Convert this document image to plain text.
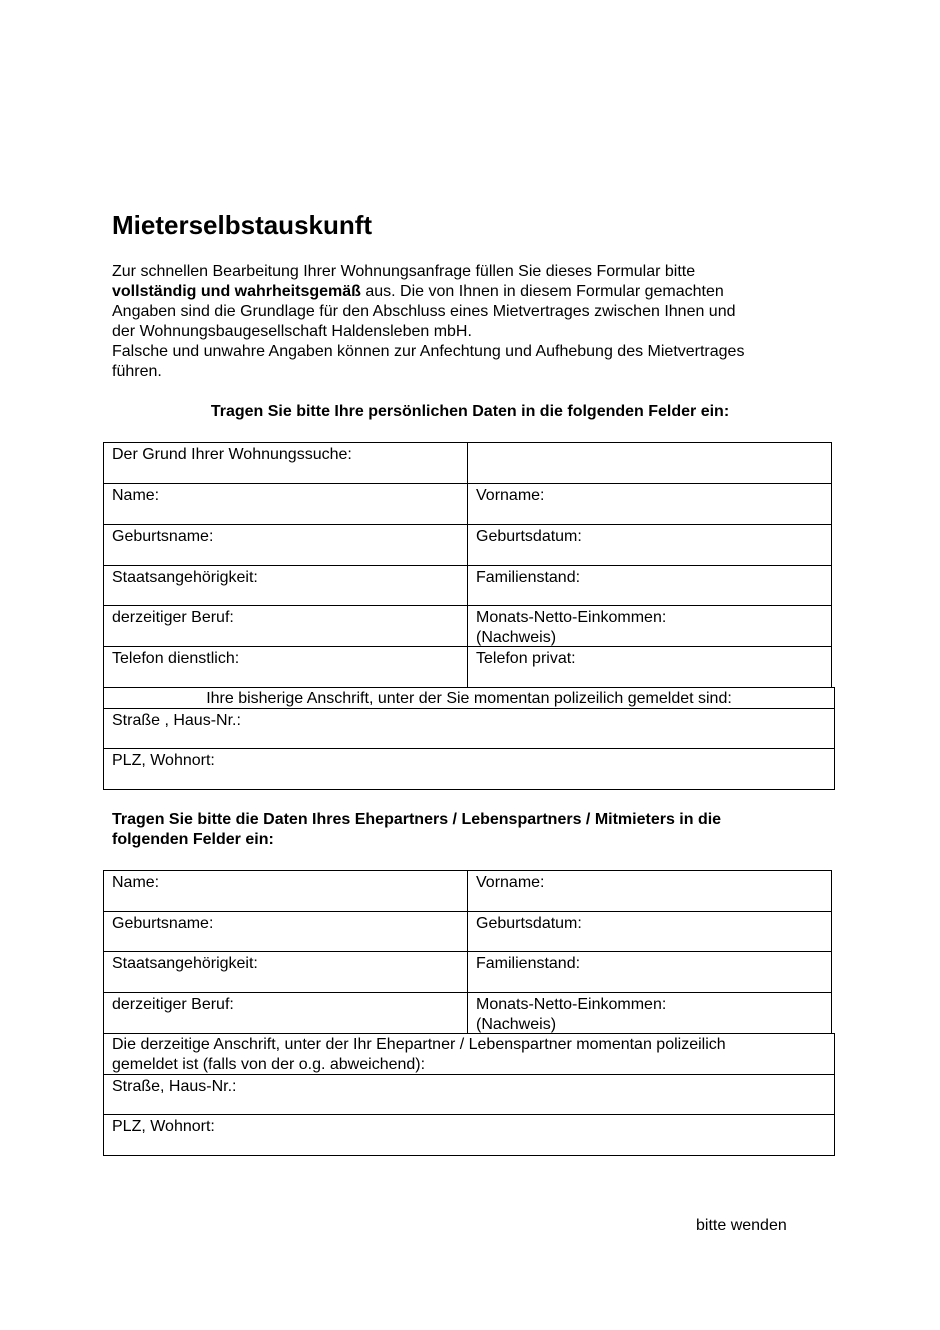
Mieterselbstauskunft
Zur schnellen Bearbeitung Ihrer Wohnungsanfrage füllen Sie dieses Formular bitte
vollständig und wahrheitsgemäß aus. Die von Ihnen in diesem Formular gemachten
Angaben sind die Grundlage für den Abschluss eines Mietvertrages zwischen Ihnen und
der Wohnungsbaugesellschaft Haldensleben mbH.
Falsche und unwahre Angaben können zur Anfechtung und Aufhebung des Mietvertrages
führen.
Tragen Sie bitte Ihre persönlichen Daten in die folgenden Felder ein:
Der Grund Ihrer Wohnungssuche:
Name:	Vorname:
Geburtsname:	Geburtsdatum:
Staatsangehörigkeit:	Familienstand:
derzeitiger Beruf:	Monats-Netto-Einkommen:
(Nachweis)
Telefon dienstlich:	Telefon privat:
Ihre bisherige Anschrift, unter der Sie momentan polizeilich gemeldet sind:
Straße , Haus-Nr.:
PLZ, Wohnort:
Tragen Sie bitte die Daten Ihres Ehepartners / Lebenspartners / Mitmieters in die
folgenden Felder ein:
Name:	Vorname:
Geburtsname:	Geburtsdatum:
Staatsangehörigkeit:	Familienstand:
derzeitiger Beruf:	Monats-Netto-Einkommen:
(Nachweis)
Die derzeitige Anschrift, unter der Ihr Ehepartner / Lebenspartner momentan polizeilich
gemeldet ist (falls von der o.g. abweichend):
Straße, Haus-Nr.:
PLZ, Wohnort:
bitte wenden
